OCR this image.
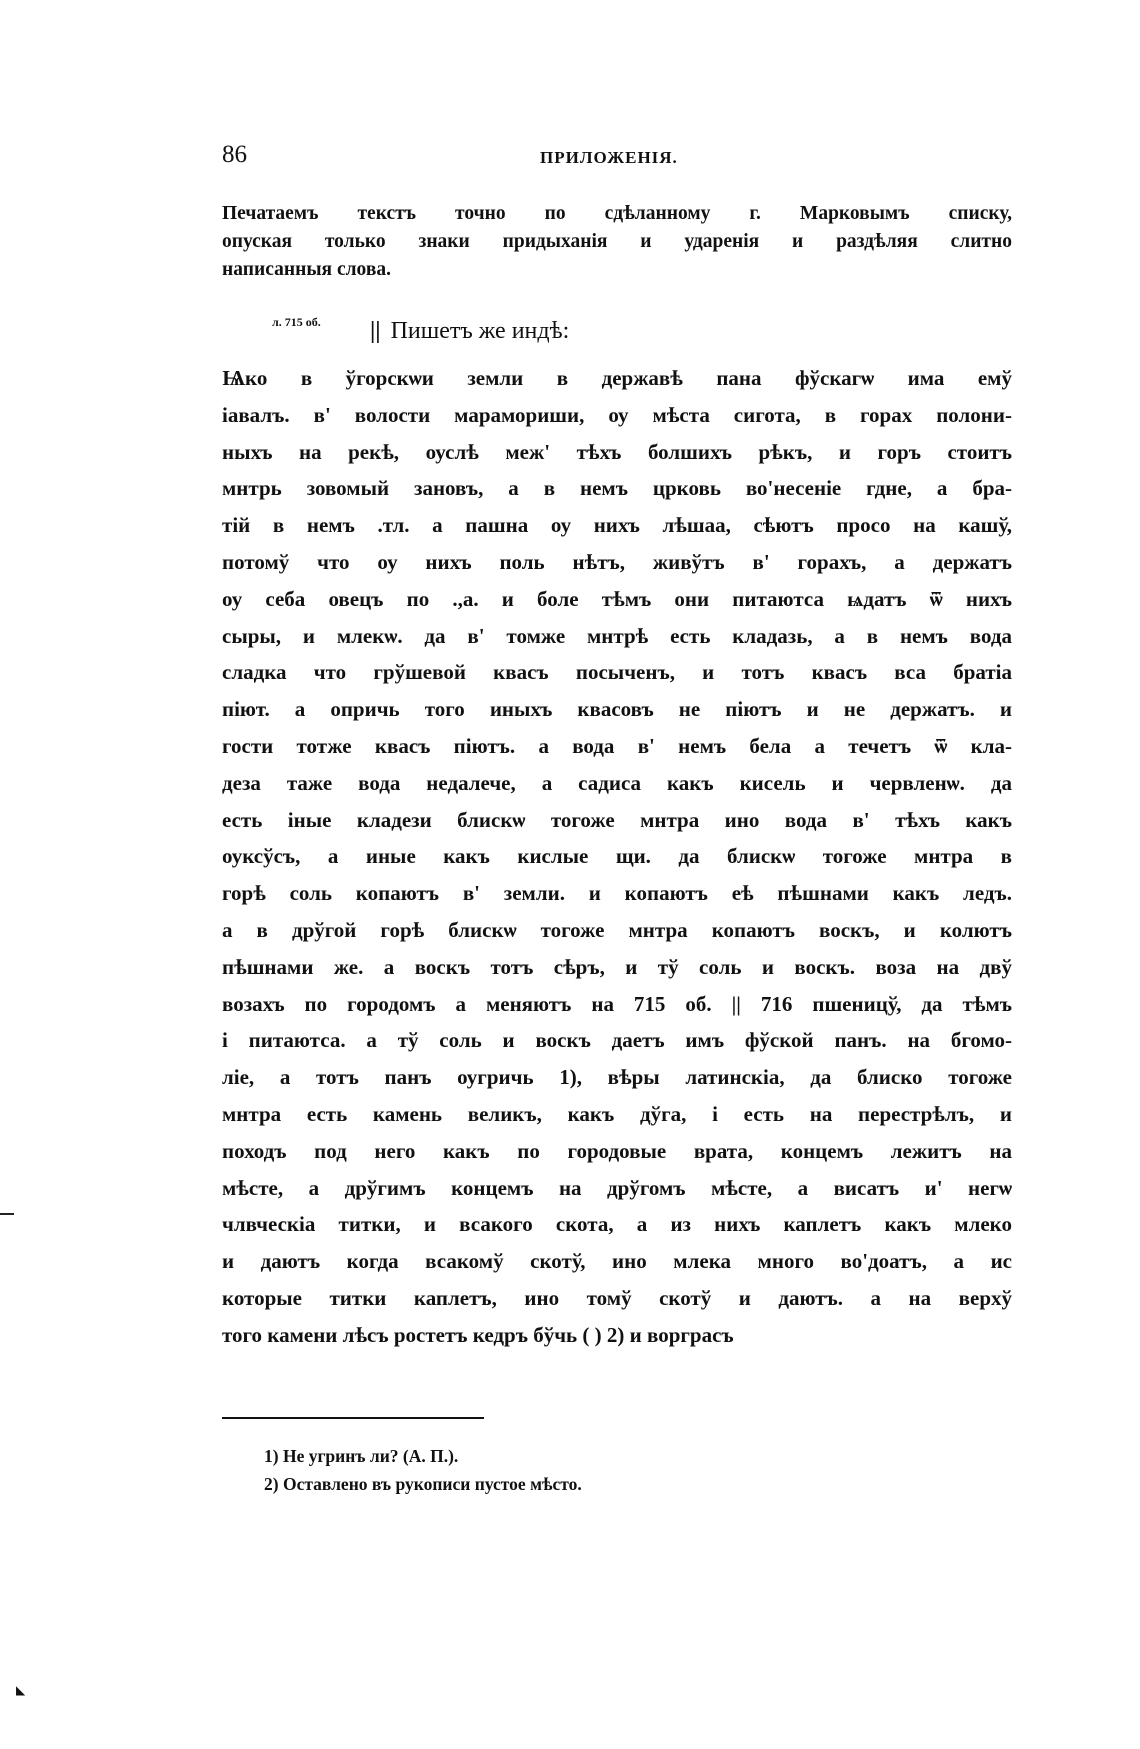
86	ПРИЛОЖЕНІЯ.
Печатаемъ текстъ точно по сдѣланному г. Марковымъ списку,
опуская только знаки придыханія и ударенія и раздѣляя слитно
написанныя слова.
л. 715 об. || Пишетъ же индѣ:
Ѩко в ўгорскѡи земли в державѣ пана фўскагѡ има емў
іавалъ. в' волости марамориши, оу мѣста сигота, в горах полони-
ныхъ на рекѣ, оуслѣ меж' тѣхъ болшихъ рѣкъ, и горъ стоитъ
мнтрь зовомый зановъ, а в немъ црковь во'несеніе гдне, а бра-
тій в немъ .тл. а пашна оу нихъ лѣшаа, сѣютъ просо на кашў,
потомў что оу нихъ поль нѣтъ, живўтъ в' горахъ, а держатъ
оу себа овецъ по .,а. и боле тѣмъ они питаютса ѩдатъ ѿ нихъ
сыры, и млекѡ. да в' томже мнтрѣ есть кладазь, а в немъ вода
сладка что грўшевой квасъ посыченъ, и тотъ квасъ вса братіа
піют. а опричь того иныхъ квасовъ не піютъ и не держатъ. и
гости тотже квасъ піютъ. а вода в' немъ бела а течетъ ѿ кла-
деза таже вода недалече, а садиса какъ кисель и червленѡ. да
есть іные кладези блискѡ тогоже мнтра ино вода в' тѣхъ какъ
оуксўсъ, а иные какъ кислые щи. да блискѡ тогоже мнтра в
горѣ соль копаютъ в' земли. и копаютъ еѣ пѣшнами какъ ледъ.
а в дрўгой горѣ блискѡ тогоже мнтра копаютъ воскъ, и колютъ
пѣшнами же. а воскъ тотъ сѣръ, и тў соль и воскъ. воза на двў
возахъ по городомъ а меняютъ на 715 об. || 716 пшеницў, да тѣмъ
і питаютса. а тў соль и воскъ даетъ имъ фўской панъ. на бгомо-
ліе, а тотъ панъ оугричь 1), вѣры латинскіа, да блиско тогоже
мнтра есть камень великъ, какъ дўга, і есть на перестрѣлъ, и
походъ под него какъ по городовые врата, концемъ лежитъ на
мѣсте, а дрўгимъ концемъ на дрўгомъ мѣсте, а висатъ и' негѡ
члвческіа титки, и всакого скота, а из нихъ каплетъ какъ млеко
и даютъ когда всакомў скотў, ино млека много во'доатъ, а ис
которые титки каплетъ, ино томў скотў и даютъ. а на верхў
того камени лѣсъ ростетъ кедръ бўчь ( ) 2) и ворграсъ
1) Не угринъ ли? (А. П.).
2) Оставлено въ рукописи пустое мѣсто.
◣
